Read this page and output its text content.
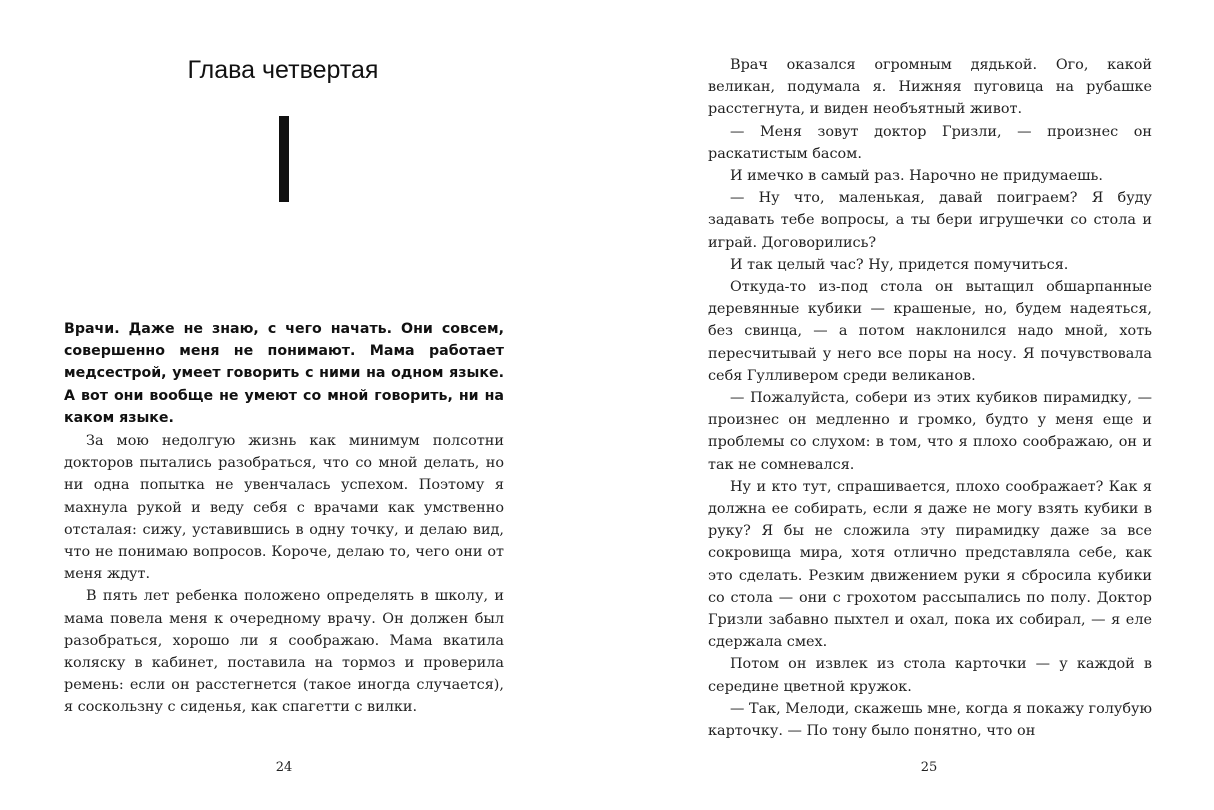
Глава четвертая
Врачи. Даже не знаю, с чего начать. Они совсем, совершенно меня не понимают. Мама работает медсестрой, умеет говорить с ними на одном языке. А вот они вообще не умеют со мной говорить, ни на каком языке.

За мою недолгую жизнь как минимум полсотни докторов пытались разобраться, что со мной делать, но ни одна попытка не увенчалась успехом. Поэтому я махнула рукой и веду себя с врачами как умственно отсталая: сижу, уставившись в одну точку, и делаю вид, что не понимаю вопросов. Короче, делаю то, чего они от меня ждут.

В пять лет ребенка положено определять в школу, и мама повела меня к очередному врачу. Он должен был разобраться, хорошо ли я соображаю. Мама вкатила коляску в кабинет, поставила на тормоз и проверила ремень: если он расстегнется (такое иногда случается), я соскользну с сиденья, как спагетти с вилки.

24

Врач оказался огромным дядькой. Ого, какой великан, подумала я. Нижняя пуговица на рубашке расстегнута, и виден необъятный живот.

— Меня зовут доктор Гризли, — произнес он раскатистым басом.

И имечко в самый раз. Нарочно не придумаешь.

— Ну что, маленькая, давай поиграем? Я буду задавать тебе вопросы, а ты бери игрушечки со стола и играй. Договорились?

И так целый час? Ну, придется помучиться.

Откуда-то из-под стола он вытащил обшарпанные деревянные кубики — крашеные, но, будем надеяться, без свинца, — а потом наклонился надо мной, хоть пересчитывай у него все поры на носу. Я почувствовала себя Гулливером среди великанов.

— Пожалуйста, собери из этих кубиков пирамидку, — произнес он медленно и громко, будто у меня еще и проблемы со слухом: в том, что я плохо соображаю, он и так не сомневался.

Ну и кто тут, спрашивается, плохо соображает? Как я должна ее собирать, если я даже не могу взять кубики в руку? Я бы не сложила эту пирамидку даже за все сокровища мира, хотя отлично представляла себе, как это сделать. Резким движением руки я сбросила кубики со стола — они с грохотом рассыпались по полу. Доктор Гризли забавно пыхтел и охал, пока их собирал, — я еле сдержала смех.

Потом он извлек из стола карточки — у каждой в середине цветной кружок.

— Так, Мелоди, скажешь мне, когда я покажу голубую карточку. — По тону было понятно, что он

25
